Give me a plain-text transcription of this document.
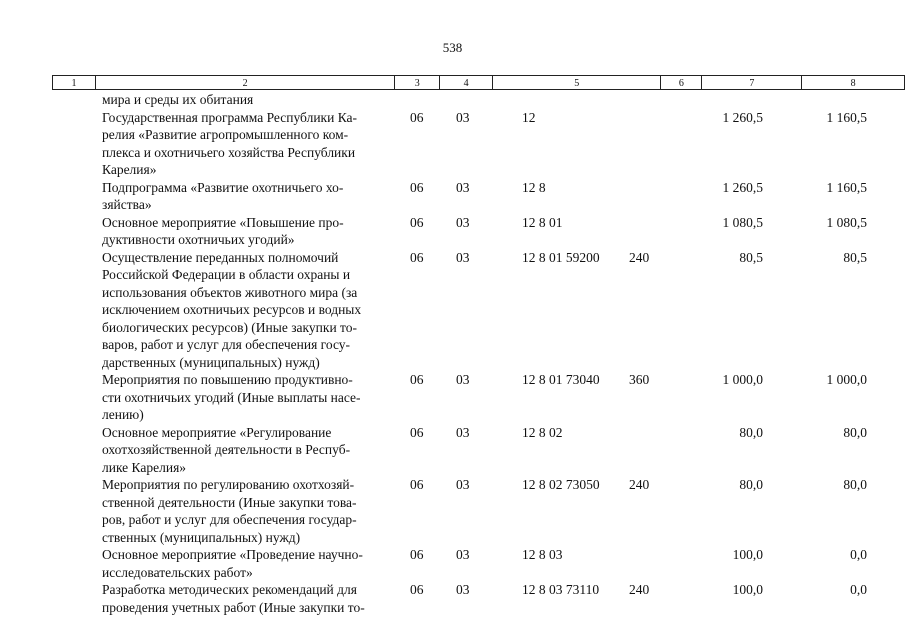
538
1	2	3	4	5	6	7	8
мира и среды их обитания
Государственная программа Республики Ка-
релия «Развитие агропромышленного ком-
плекса и охотничьего хозяйства Республики
Карелия»
06 03	12	1 260,5	1 160,5
Подпрограмма «Развитие охотничьего хо-
зяйства»
06 03	12 8	1 260,5	1 160,5
Основное мероприятие «Повышение про-
дуктивности охотничьих угодий»
06 03	12 8 01	1 080,5	1 080,5
Осуществление переданных полномочий
Российской Федерации в области охраны и
использования объектов животного мира (за
исключением охотничьих ресурсов и водных
биологических ресурсов) (Иные закупки то-
варов, работ и услуг для обеспечения госу-
дарственных (муниципальных) нужд)
06 03	12 8 01 59200 240	80,5	80,5
Мероприятия по повышению продуктивно-
сти охотничьих угодий (Иные выплаты насе-
лению)
06 03	12 8 01 73040 360	1 000,0	1 000,0
Основное мероприятие «Регулирование
охотхозяйственной деятельности в Респуб-
лике Карелия»
06 03	12 8 02	80,0	80,0
Мероприятия по регулированию охотхозяй-
ственной деятельности (Иные закупки това-
ров, работ и услуг для обеспечения государ-
ственных (муниципальных) нужд)
06 03	12 8 02 73050 240	80,0	80,0
Основное мероприятие «Проведение научно-
исследовательских работ»
06 03	12 8 03	100,0	0,0
Разработка методических рекомендаций для
проведения учетных работ (Иные закупки то-
06 03	12 8 03 73110 240	100,0	0,0
